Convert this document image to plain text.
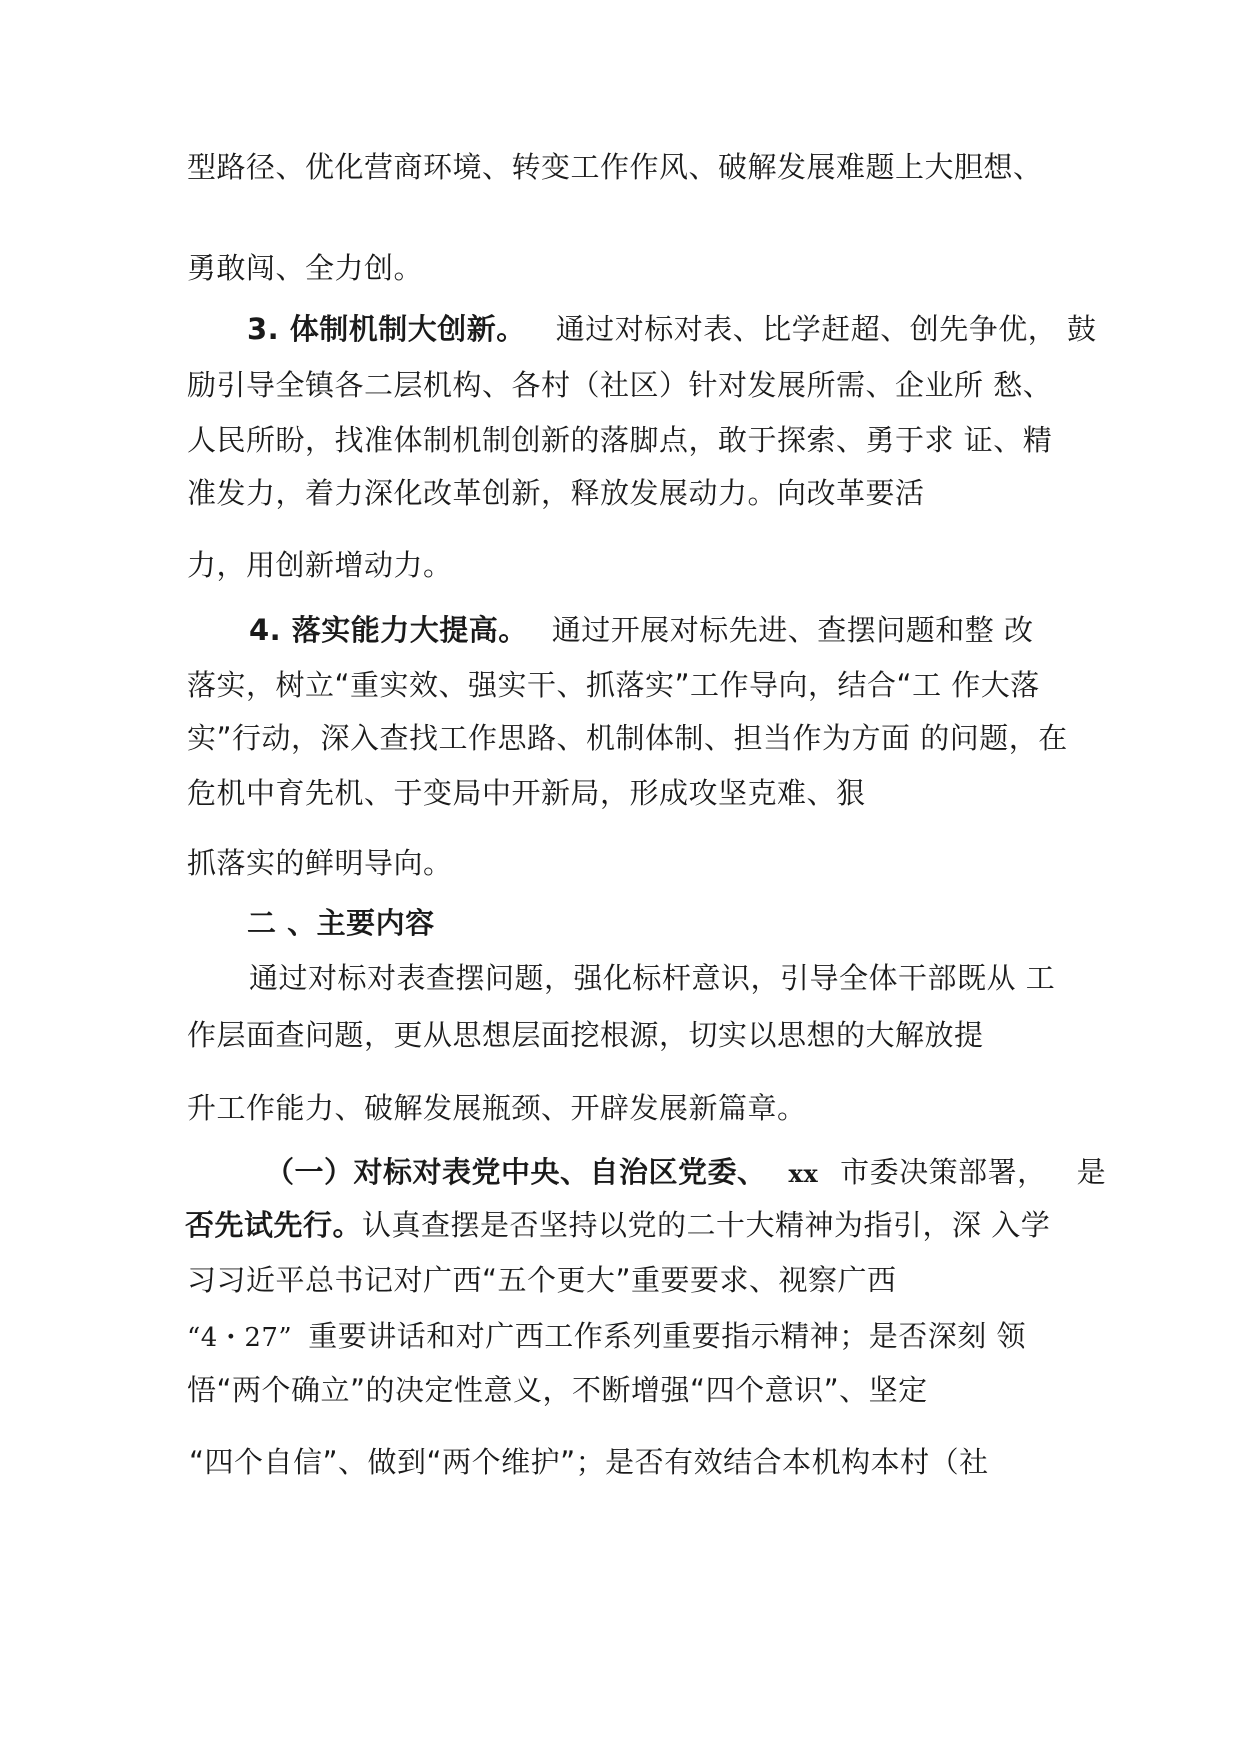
型路径、优化营商环境、转变工作作风、破解发展难题上大胆想、
勇敢闯、全力创。
3. 体制机制大创新。 通过对标对表、比学赶超、创先争优， 鼓
励引导全镇各二层机构、各村（社区）针对发展所需、企业所 愁、
人民所盼，找准体制机制创新的落脚点，敢于探索、勇于求 证、精
准发力，着力深化改革创新，释放发展动力。向改革要活
力，用创新增动力。
4. 落实能力大提高。 通过开展对标先进、查摆问题和整 改
落实，树立“重实效、强实干、抓落实”工作导向，结合“工 作大落
实”行动，深入查找工作思路、机制体制、担当作为方面 的问题，在
危机中育先机、于变局中开新局，形成攻坚克难、狠
抓落实的鲜明导向。
二 、主要内容
通过对标对表查摆问题，强化标杆意识，引导全体干部既从 工
作层面查问题，更从思想层面挖根源，切实以思想的大解放提
升工作能力、破解发展瓶颈、开辟发展新篇章。
（一）对标对表党中央、自治区党委、 xx 市委决策部署， 是
否先试先行。认真查摆是否坚持以党的二十大精神为指引，深 入学
习习近平总书记对广西“五个更大”重要要求、视察广西
“4・27” 重要讲话和对广西工作系列重要指示精神；是否深刻 领
悟“两个确立”的决定性意义，不断增强“四个意识”、坚定
“四个自信”、做到“两个维护”；是否有效结合本机构本村（社
